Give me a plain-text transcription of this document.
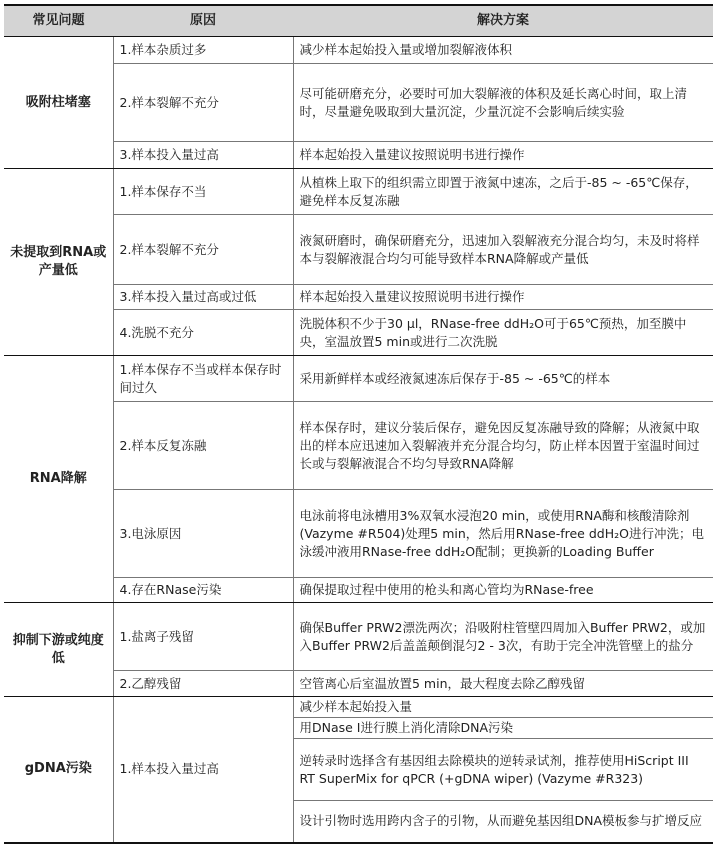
常见问题	原因	解决方案
吸附柱堵塞	1.样本杂质过多	减少样本起始投入量或增加裂解液体积
	2.样本裂解不充分	尽可能研磨充分，必要时可加大裂解液的体积及延长离心时间，取上清时，尽量避免吸取到大量沉淀，少量沉淀不会影响后续实验
	3.样本投入量过高	样本起始投入量建议按照说明书进行操作
未提取到RNA或产量低	1.样本保存不当	从植株上取下的组织需立即置于液氮中速冻，之后于-85 ~ -65℃保存，避免样本反复冻融
	2.样本裂解不充分	液氮研磨时，确保研磨充分，迅速加入裂解液充分混合均匀，未及时将样本与裂解液混合均匀可能导致样本RNA降解或产量低
	3.样本投入量过高或过低	样本起始投入量建议按照说明书进行操作
	4.洗脱不充分	洗脱体积不少于30 μl，RNase-free ddH₂O可于65℃预热，加至膜中央，室温放置5 min或进行二次洗脱
RNA降解	1.样本保存不当或样本保存时间过久	采用新鲜样本或经液氮速冻后保存于-85 ~ -65℃的样本
	2.样本反复冻融	样本保存时，建议分装后保存，避免因反复冻融导致的降解；从液氮中取出的样本应迅速加入裂解液并充分混合均匀，防止样本因置于室温时间过长或与裂解液混合不均匀导致RNA降解
	3.电泳原因	电泳前将电泳槽用3%双氧水浸泡20 min，或使用RNA酶和核酸清除剂(Vazyme #R504)处理5 min，然后用RNase-free ddH₂O进行冲洗；电泳缓冲液用RNase-free ddH₂O配制；更换新的Loading Buffer
	4.存在RNase污染	确保提取过程中使用的枪头和离心管均为RNase-free
抑制下游或纯度低	1.盐离子残留	确保Buffer PRW2漂洗两次；沿吸附柱管壁四周加入Buffer PRW2，或加入Buffer PRW2后盖盖颠倒混匀2 - 3次，有助于完全冲洗管壁上的盐分
	2.乙醇残留	空管离心后室温放置5 min，最大程度去除乙醇残留
gDNA污染	1.样本投入量过高	减少样本起始投入量
		用DNase I进行膜上消化清除DNA污染
		逆转录时选择含有基因组去除模块的逆转录试剂，推荐使用HiScript III RT SuperMix for qPCR (+gDNA wiper) (Vazyme #R323)
		设计引物时选用跨内含子的引物，从而避免基因组DNA模板参与扩增反应
